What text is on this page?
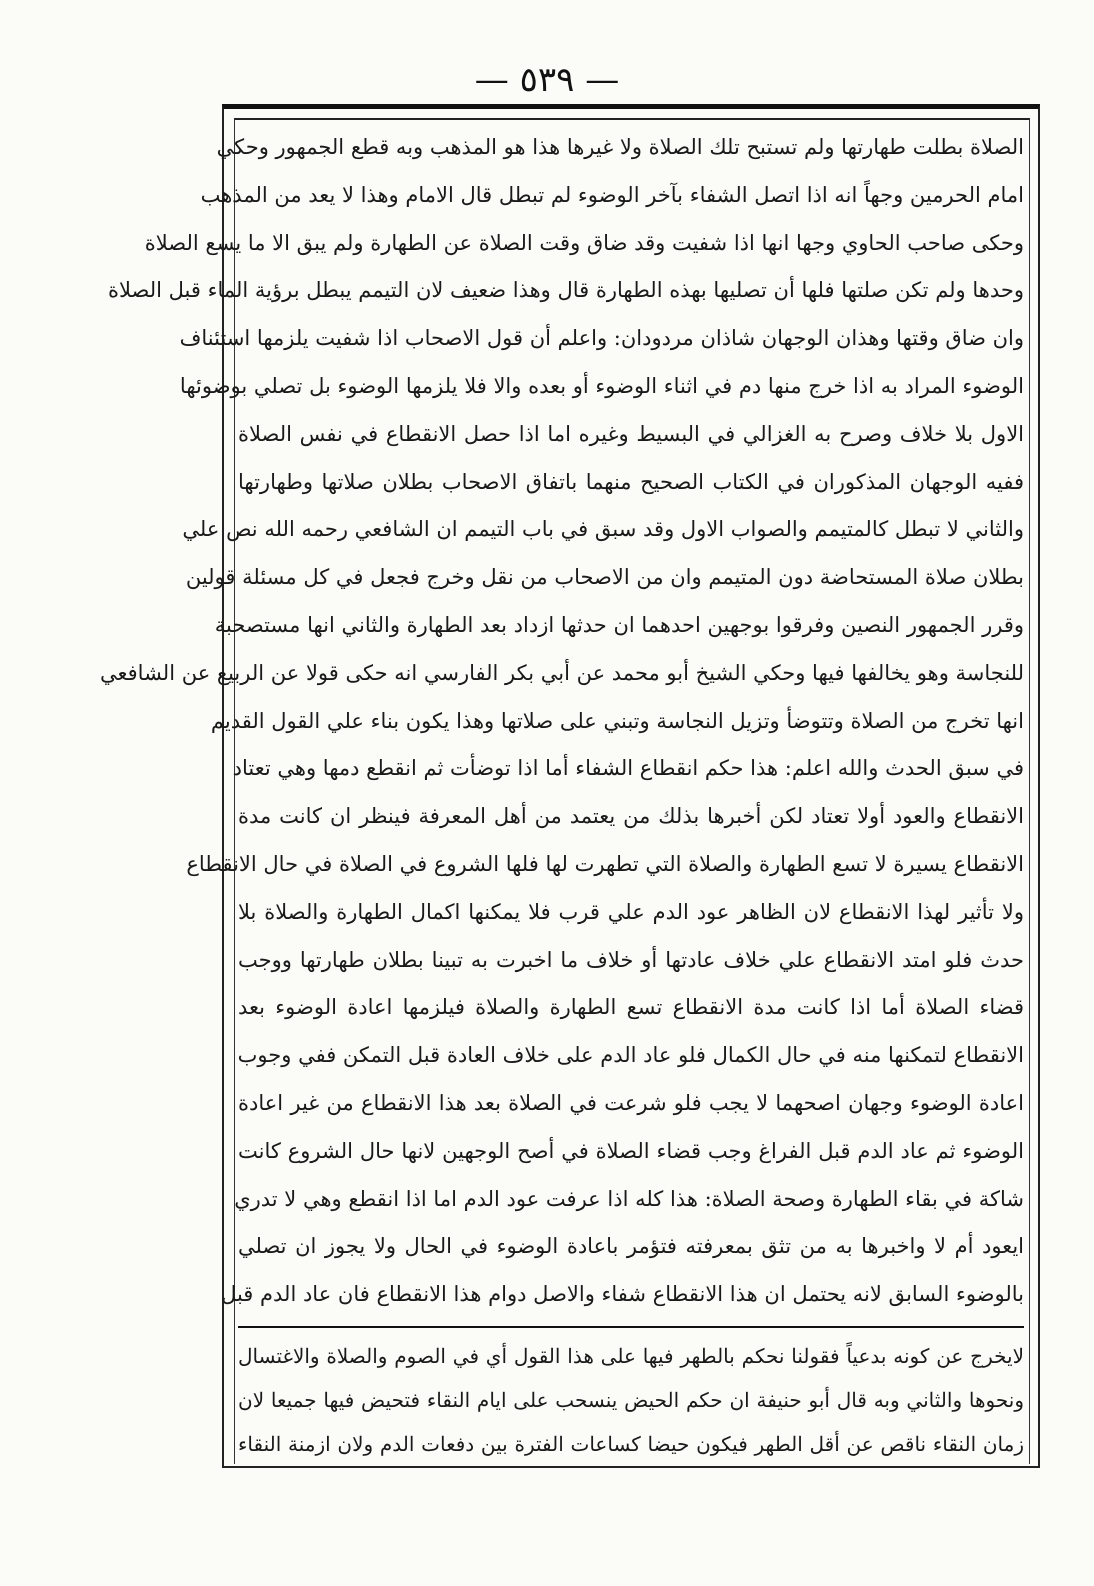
— ٥٣٩ —
الصلاة بطلت طهارتها ولم تستبح تلك الصلاة ولا غيرها هذا هو المذهب وبه قطع الجمهور وحكي
امام الحرمين وجهاً انه اذا اتصل الشفاء بآخر الوضوء لم تبطل قال الامام وهذا لا يعد من المذهب
وحكى صاحب الحاوي وجها انها اذا شفيت وقد ضاق وقت الصلاة عن الطهارة ولم يبق الا ما يسع الصلاة
وحدها ولم تكن صلتها فلها أن تصليها بهذه الطهارة قال وهذا ضعيف لان التيمم يبطل برؤية الماء قبل الصلاة
وان ضاق وقتها وهذان الوجهان شاذان مردودان: واعلم أن قول الاصحاب اذا شفيت يلزمها استئناف
الوضوء المراد به اذا خرج منها دم في اثناء الوضوء أو بعده والا فلا يلزمها الوضوء بل تصلي بوضوئها
الاول بلا خلاف وصرح به الغزالي في البسيط وغيره اما اذا حصل الانقطاع في نفس الصلاة
ففيه الوجهان المذكوران في الكتاب الصحيح منهما باتفاق الاصحاب بطلان صلاتها وطهارتها
والثاني لا تبطل كالمتيمم والصواب الاول وقد سبق في باب التيمم ان الشافعي رحمه الله نص علي
بطلان صلاة المستحاضة دون المتيمم وان من الاصحاب من نقل وخرج فجعل في كل مسئلة قولين
وقرر الجمهور النصين وفرقوا بوجهين احدهما ان حدثها ازداد بعد الطهارة والثاني انها مستصحبة
للنجاسة وهو يخالفها فيها وحكي الشيخ أبو محمد عن أبي بكر الفارسي انه حكى قولا عن الربيع عن الشافعي
انها تخرج من الصلاة وتتوضأ وتزيل النجاسة وتبني على صلاتها وهذا يكون بناء علي القول القديم
في سبق الحدث والله اعلم: هذا حكم انقطاع الشفاء أما اذا توضأت ثم انقطع دمها وهي تعتاد
الانقطاع والعود أولا تعتاد لكن أخبرها بذلك من يعتمد من أهل المعرفة فينظر ان كانت مدة
الانقطاع يسيرة لا تسع الطهارة والصلاة التي تطهرت لها فلها الشروع في الصلاة في حال الانقطاع
ولا تأثير لهذا الانقطاع لان الظاهر عود الدم علي قرب فلا يمكنها اكمال الطهارة والصلاة بلا
حدث فلو امتد الانقطاع علي خلاف عادتها أو خلاف ما اخبرت به تبينا بطلان طهارتها ووجب
قضاء الصلاة أما اذا كانت مدة الانقطاع تسع الطهارة والصلاة فيلزمها اعادة الوضوء بعد
الانقطاع لتمكنها منه في حال الكمال فلو عاد الدم على خلاف العادة قبل التمكن ففي وجوب
اعادة الوضوء وجهان اصحهما لا يجب فلو شرعت في الصلاة بعد هذا الانقطاع من غير اعادة
الوضوء ثم عاد الدم قبل الفراغ وجب قضاء الصلاة في أصح الوجهين لانها حال الشروع كانت
شاكة في بقاء الطهارة وصحة الصلاة: هذا كله اذا عرفت عود الدم اما اذا انقطع وهي لا تدري
ايعود أم لا واخبرها به من تثق بمعرفته فتؤمر باعادة الوضوء في الحال ولا يجوز ان تصلي
بالوضوء السابق لانه يحتمل ان هذا الانقطاع شفاء والاصل دوام هذا الانقطاع فان عاد الدم قبل
لايخرج عن كونه بدعياً فقولنا نحكم بالطهر فيها على هذا القول أي في الصوم والصلاة والاغتسال
ونحوها والثاني وبه قال أبو حنيفة ان حكم الحيض ينسحب على ايام النقاء فتحيض فيها جميعا لان
زمان النقاء ناقص عن أقل الطهر فيكون حيضا كساعات الفترة بين دفعات الدم ولان ازمنة النقاء
